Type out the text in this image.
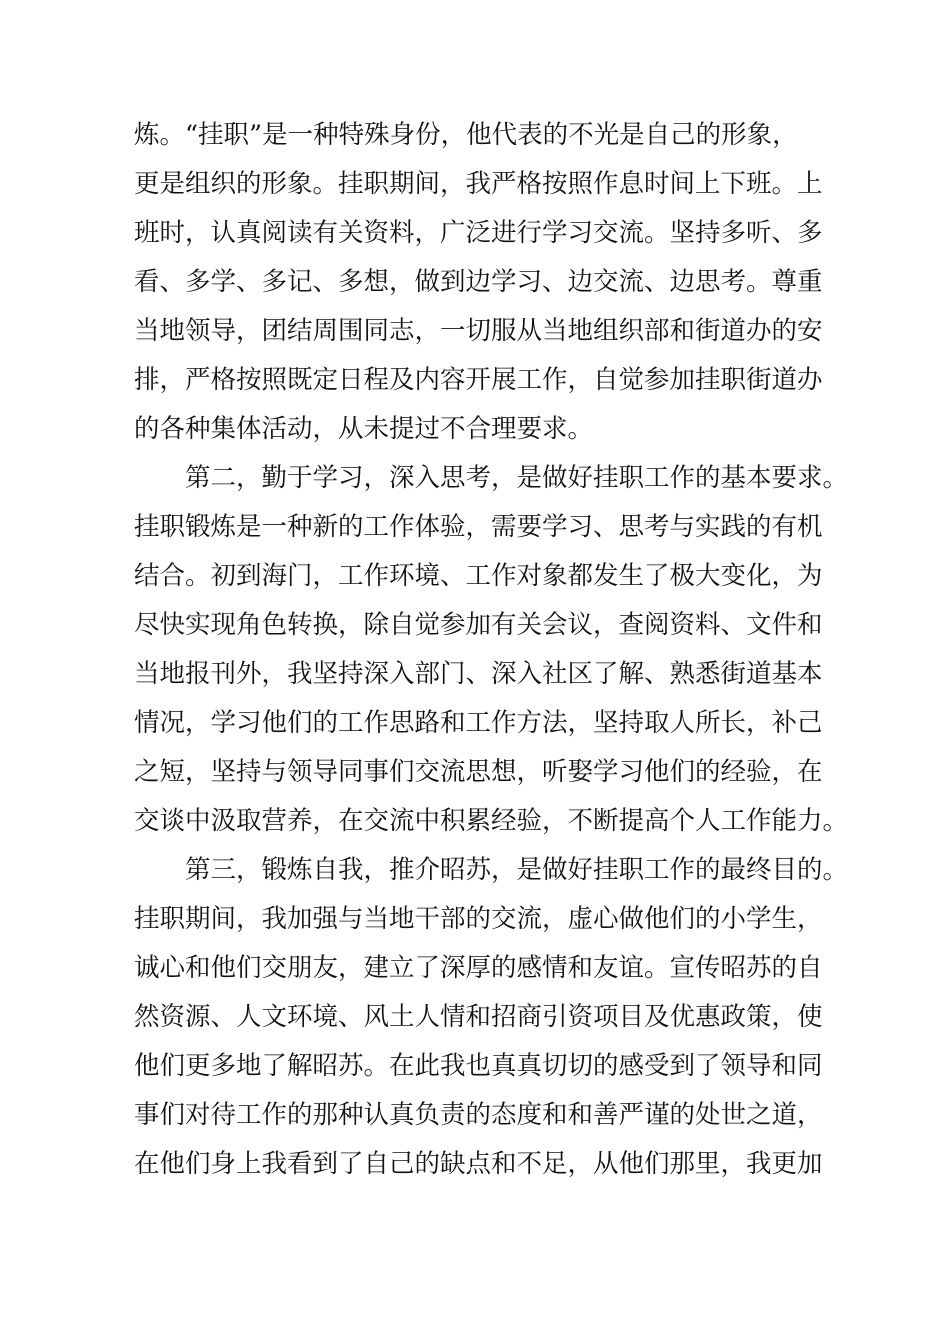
炼。“挂职”是一种特殊身份，他代表的不光是自己的形象，
更是组织的形象。挂职期间，我严格按照作息时间上下班。上
班时，认真阅读有关资料，广泛进行学习交流。坚持多听、多
看、多学、多记、多想，做到边学习、边交流、边思考。尊重
当地领导，团结周围同志，一切服从当地组织部和街道办的安
排，严格按照既定日程及内容开展工作，自觉参加挂职街道办
的各种集体活动，从未提过不合理要求。
第二，勤于学习，深入思考，是做好挂职工作的基本要求。
挂职锻炼是一种新的工作体验，需要学习、思考与实践的有机
结合。初到海门，工作环境、工作对象都发生了极大变化，为
尽快实现角色转换，除自觉参加有关会议，查阅资料、文件和
当地报刊外，我坚持深入部门、深入社区了解、熟悉街道基本
情况，学习他们的工作思路和工作方法，坚持取人所长，补己
之短，坚持与领导同事们交流思想，听娶学习他们的经验，在
交谈中汲取营养，在交流中积累经验，不断提高个人工作能力。
第三，锻炼自我，推介昭苏，是做好挂职工作的最终目的。
挂职期间，我加强与当地干部的交流，虚心做他们的小学生，
诚心和他们交朋友，建立了深厚的感情和友谊。宣传昭苏的自
然资源、人文环境、风土人情和招商引资项目及优惠政策，使
他们更多地了解昭苏。在此我也真真切切的感受到了领导和同
事们对待工作的那种认真负责的态度和和善严谨的处世之道，
在他们身上我看到了自己的缺点和不足，从他们那里，我更加
